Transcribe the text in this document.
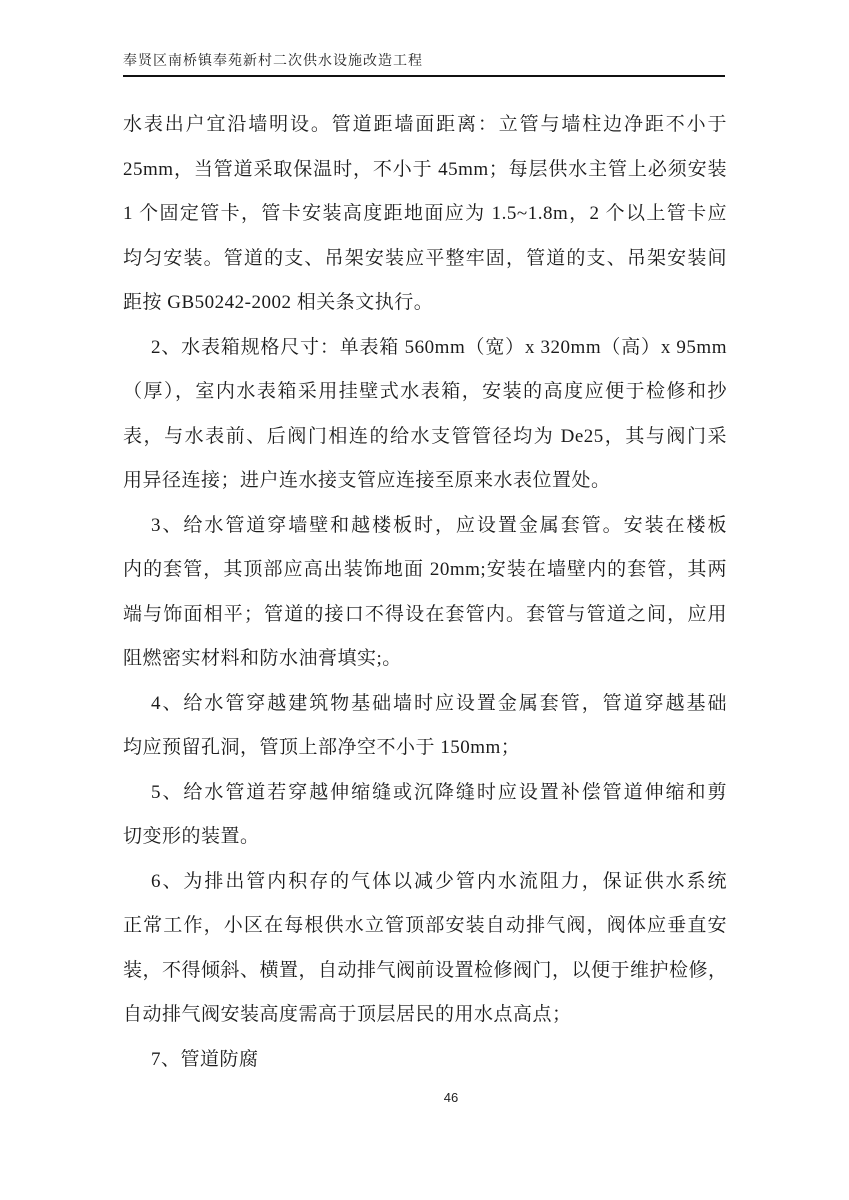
奉贤区南桥镇奉苑新村二次供水设施改造工程
水表出户宜沿墙明设。管道距墙面距离：立管与墙柱边净距不小于
25mm，当管道采取保温时，不小于 45mm；每层供水主管上必须安装
1 个固定管卡，管卡安装高度距地面应为 1.5~1.8m，2 个以上管卡应
均匀安装。管道的支、吊架安装应平整牢固，管道的支、吊架安装间
距按 GB50242-2002 相关条文执行。
2、水表箱规格尺寸：单表箱 560mm（宽）x 320mm（高）x 95mm
（厚），室内水表箱采用挂壁式水表箱，安装的高度应便于检修和抄
表，与水表前、后阀门相连的给水支管管径均为 De25，其与阀门采
用异径连接；进户连水接支管应连接至原来水表位置处。
3、给水管道穿墙壁和越楼板时，应设置金属套管。安装在楼板
内的套管，其顶部应高出装饰地面 20mm;安装在墙壁内的套管，其两
端与饰面相平；管道的接口不得设在套管内。套管与管道之间，应用
阻燃密实材料和防水油膏填实;。
4、给水管穿越建筑物基础墙时应设置金属套管，管道穿越基础
均应预留孔洞，管顶上部净空不小于 150mm；
5、给水管道若穿越伸缩缝或沉降缝时应设置补偿管道伸缩和剪
切变形的装置。
6、为排出管内积存的气体以减少管内水流阻力，保证供水系统
正常工作，小区在每根供水立管顶部安装自动排气阀，阀体应垂直安
装，不得倾斜、横置，自动排气阀前设置检修阀门，以便于维护检修，
自动排气阀安装高度需高于顶层居民的用水点高点；
7、管道防腐
46
